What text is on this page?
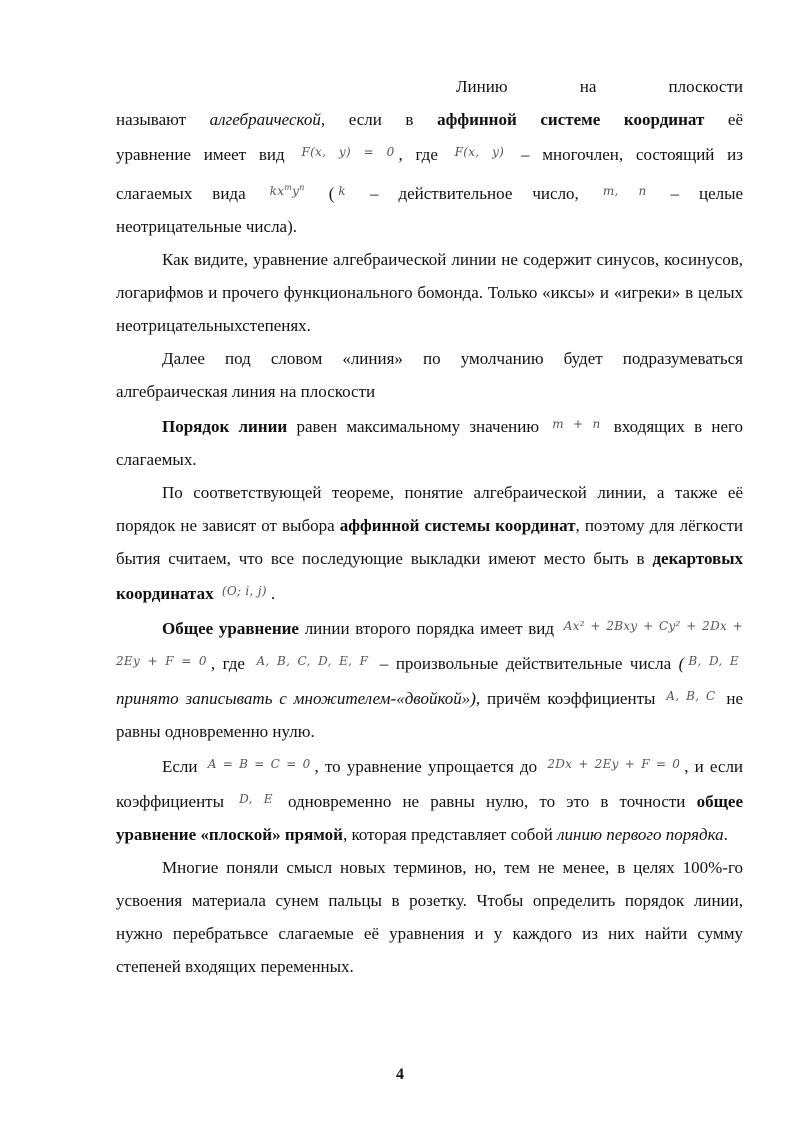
Линию на плоскости

называют алгебраической, если в аффинной системе координат её

уравнение имеет вид $^{F(x, y) = 0}$ , где $^{F(x, y)}$ – многочлен, состоящий из

слагаемых вида $^{kx^my^n}$ ( $^k$ – действительное число, $^{m, n}$ – целые

неотрицательные числа).

Как видите, уравнение алгебраической линии не содержит синусов, косинусов, логарифмов и прочего функционального бомонда. Только «иксы» и «игреки» в целых неотрицательныхстепенях.

Далее под словом «линия» по умолчанию будет подразумеваться алгебраическая линия на плоскости

Порядок линии равен максимальному значению $^{m + n}$ входящих в него слагаемых.

По соответствующей теореме, понятие алгебраической линии, а также её порядок не зависят от выбора аффинной системы координат, поэтому для лёгкости бытия считаем, что все последующие выкладки имеют место быть в декартовых координатах $^{(O; i, j)}$ .

Общее уравнение линии второго порядка имеет вид $^{Ax^2 + 2Bxy + Cy^2 + 2Dx + 2Ey + F = 0}$ , где $^{A, B, C, D, E, F}$ – произвольные действительные числа ( $^{B, D, E}$ принято записывать с множителем-«двойкой»), причём коэффициенты $^{A, B, C}$ не равны одновременно нулю.

Если $^{A = B = C = 0}$ , то уравнение упрощается до $^{2Dx + 2Ey + F = 0}$ , и если коэффициенты $^{D, E}$ одновременно не равны нулю, то это в точности общее уравнение «плоской» прямой, которая представляет собой линию первого порядка.

Многие поняли смысл новых терминов, но, тем не менее, в целях 100%-го усвоения материала сунем пальцы в розетку. Чтобы определить порядок линии, нужно перебратьвсе слагаемые её уравнения и у каждого из них найти сумму степеней входящих переменных.

4
